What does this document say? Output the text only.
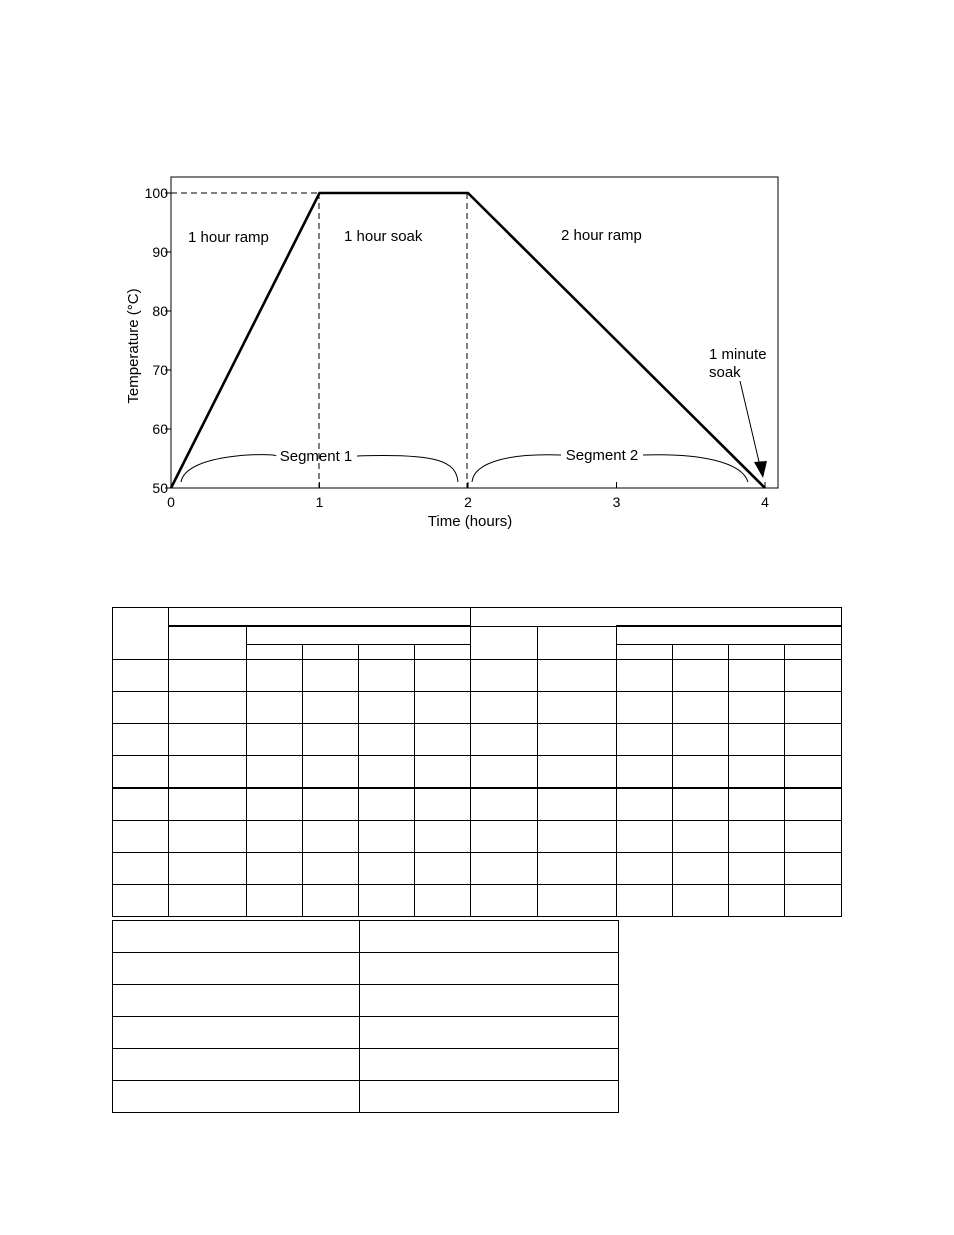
0	1	2	3	4
50
60
70
80
90
100
Time (hours)
Temperature (°C)
1 hour ramp	1 hour soak	2 hour ramp
1 minute
soak
Segment 1	Segment 2
